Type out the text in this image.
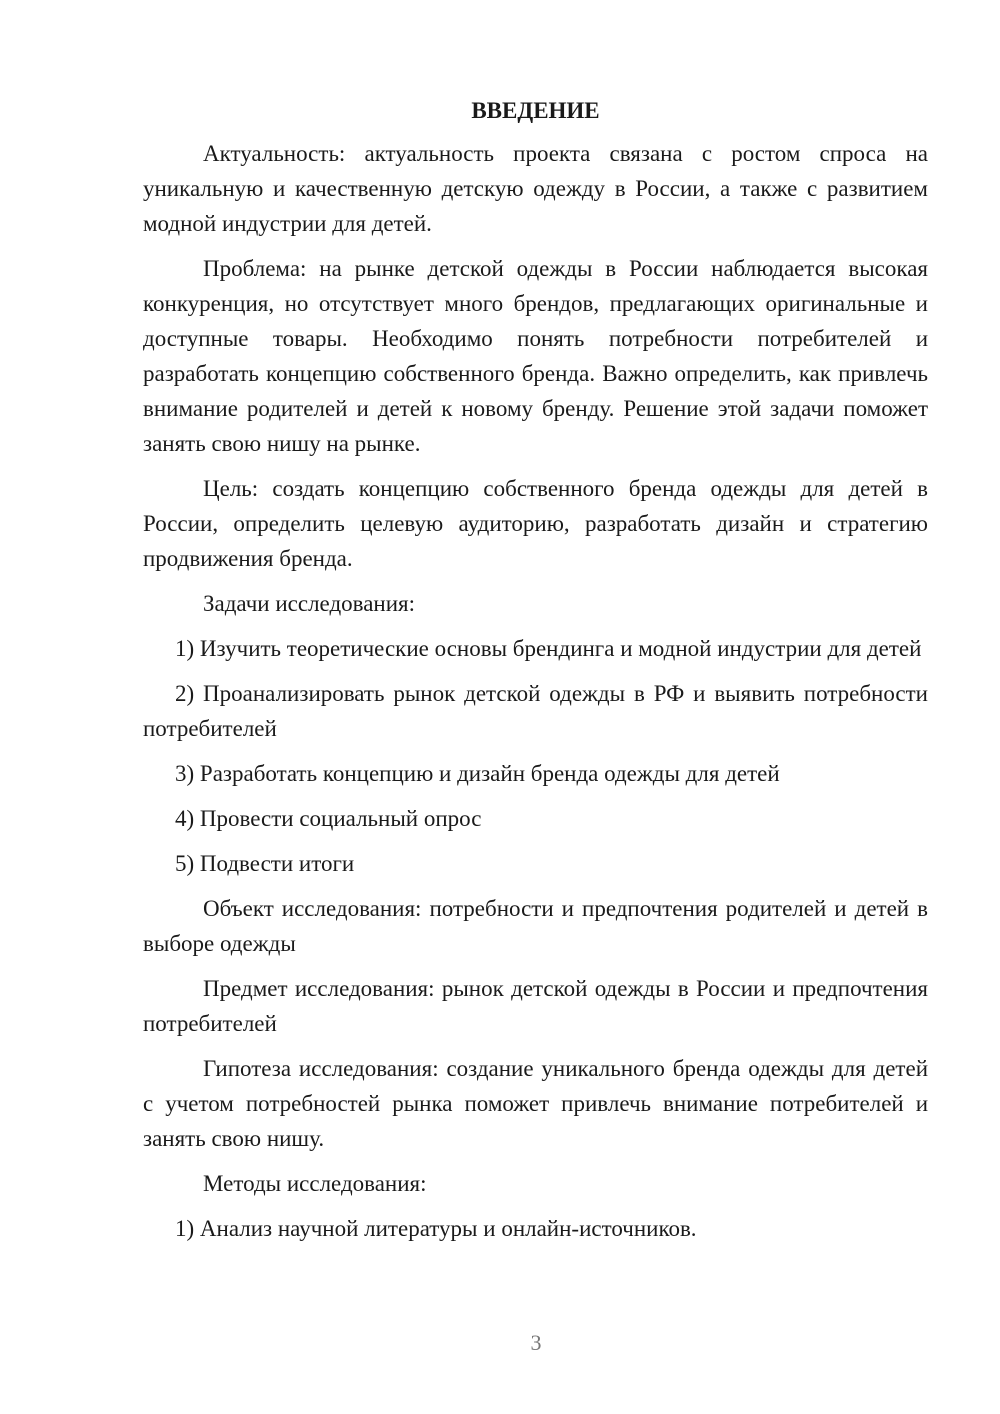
ВВЕДЕНИЕ

Актуальность: актуальность проекта связана с ростом спроса на уникальную и качественную детскую одежду в России, а также с развитием модной индустрии для детей.

Проблема: на рынке детской одежды в России наблюдается высокая конкуренция, но отсутствует много брендов, предлагающих оригинальные и доступные товары. Необходимо понять потребности потребителей и разработать концепцию собственного бренда. Важно определить, как привлечь внимание родителей и детей к новому бренду. Решение этой задачи поможет занять свою нишу на рынке.

Цель: создать концепцию собственного бренда одежды для детей в России, определить целевую аудиторию, разработать дизайн и стратегию продвижения бренда.

Задачи исследования:

1) Изучить теоретические основы брендинга и модной индустрии для детей

2) Проанализировать рынок детской одежды в РФ и выявить потребности потребителей

3) Разработать концепцию и дизайн бренда одежды для детей

4) Провести социальный опрос

5) Подвести итоги

Объект исследования: потребности и предпочтения родителей и детей в выборе одежды

Предмет исследования: рынок детской одежды в России и предпочтения потребителей

Гипотеза исследования: создание уникального бренда одежды для детей с учетом потребностей рынка поможет привлечь внимание потребителей и занять свою нишу.

Методы исследования:

1) Анализ научной литературы и онлайн-источников.

3
